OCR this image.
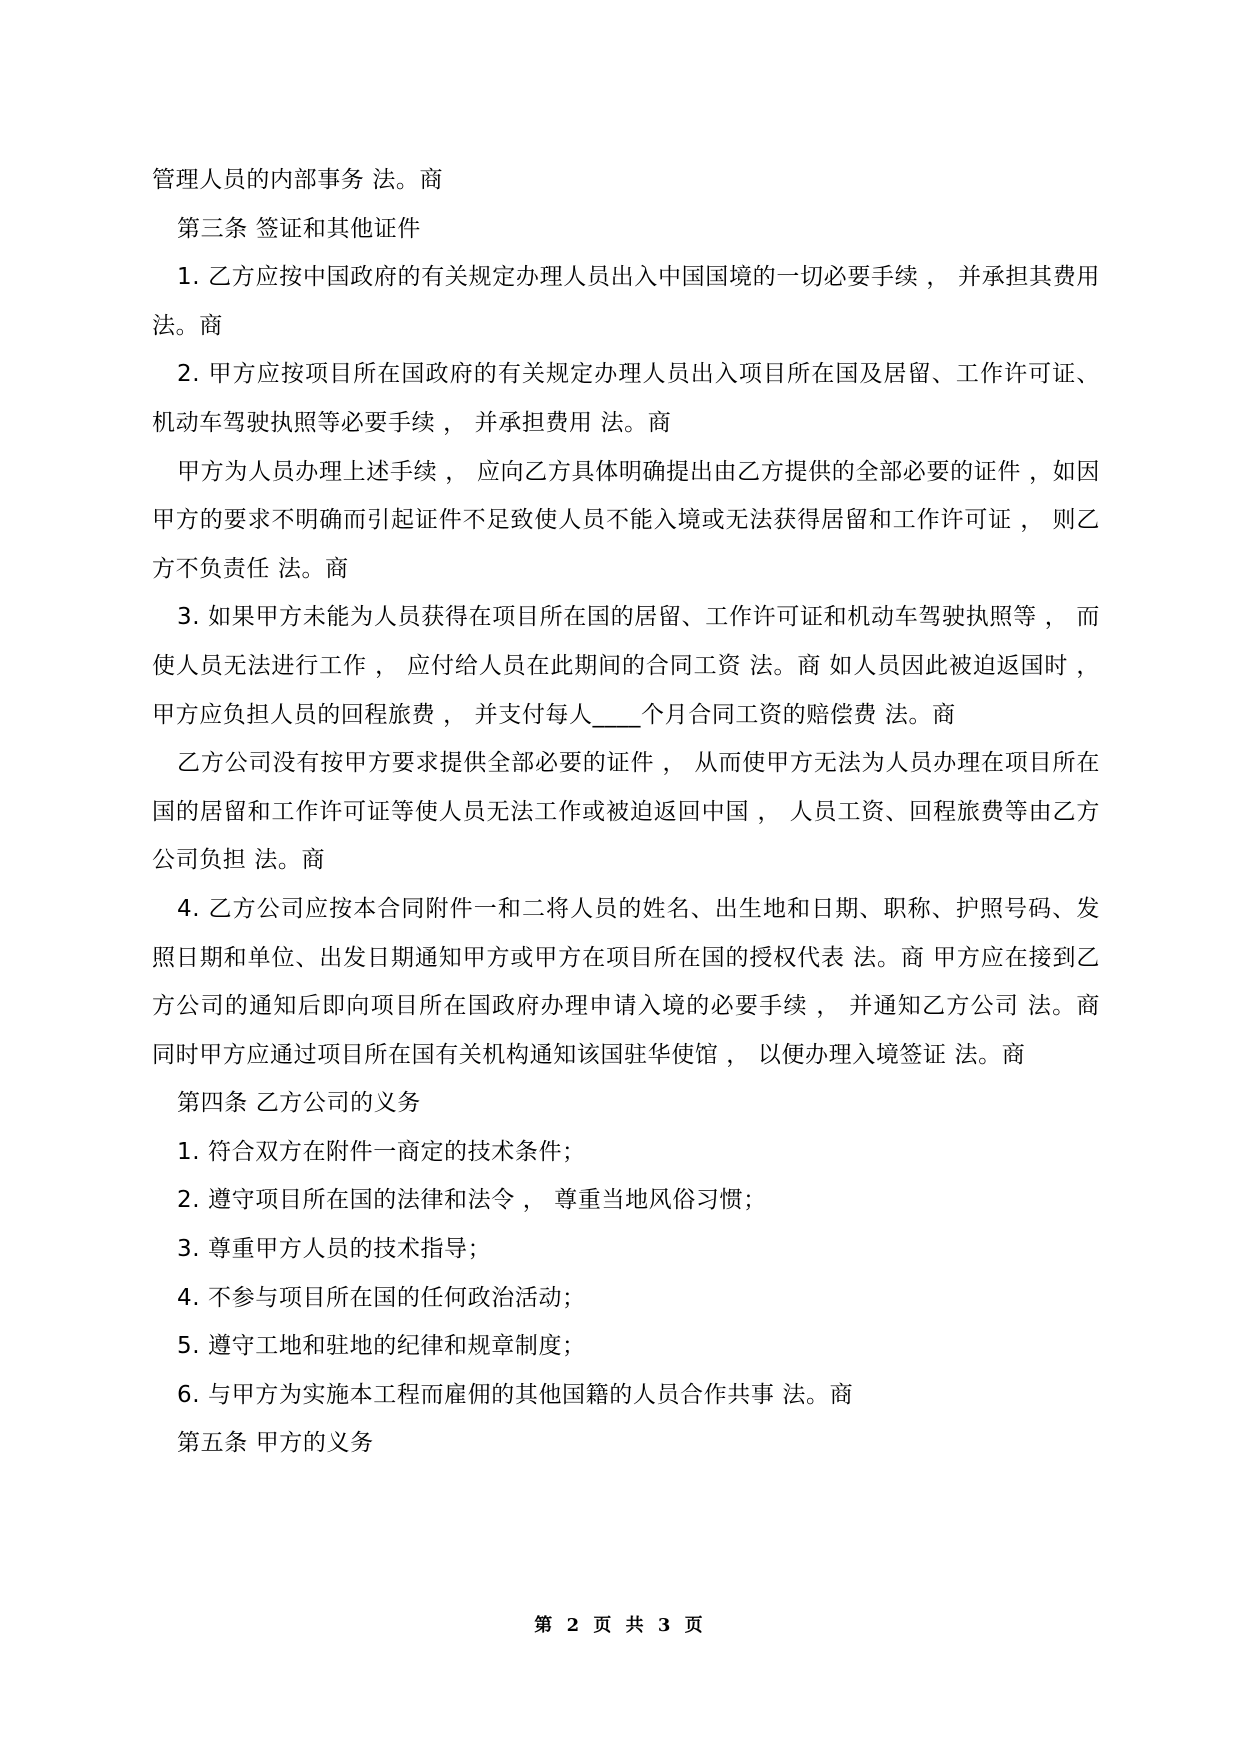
管理人员的内部事务 法。商

第三条 签证和其他证件

1. 乙方应按中国政府的有关规定办理人员出入中国国境的一切必要手续 ， 并承担其费用 法。商

2. 甲方应按项目所在国政府的有关规定办理人员出入项目所在国及居留、工作许可证、机动车驾驶执照等必要手续 ， 并承担费用 法。商

甲方为人员办理上述手续 ， 应向乙方具体明确提出由乙方提供的全部必要的证件 ，如因甲方的要求不明确而引起证件不足致使人员不能入境或无法获得居留和工作许可证 ， 则乙方不负责任 法。商

3. 如果甲方未能为人员获得在项目所在国的居留、工作许可证和机动车驾驶执照等 ， 而使人员无法进行工作 ， 应付给人员在此期间的合同工资 法。商 如人员因此被迫返国时 ， 甲方应负担人员的回程旅费 ， 并支付每人____个月合同工资的赔偿费 法。商

乙方公司没有按甲方要求提供全部必要的证件 ， 从而使甲方无法为人员办理在项目所在国的居留和工作许可证等使人员无法工作或被迫返回中国 ， 人员工资、回程旅费等由乙方公司负担 法。商

4. 乙方公司应按本合同附件一和二将人员的姓名、出生地和日期、职称、护照号码、发照日期和单位、出发日期通知甲方或甲方在项目所在国的授权代表 法。商 甲方应在接到乙方公司的通知后即向项目所在国政府办理申请入境的必要手续 ， 并通知乙方公司 法。商 同时甲方应通过项目所在国有关机构通知该国驻华使馆 ， 以便办理入境签证 法。商

第四条 乙方公司的义务

1. 符合双方在附件一商定的技术条件；

2. 遵守项目所在国的法律和法令 ， 尊重当地风俗习惯；

3. 尊重甲方人员的技术指导；

4. 不参与项目所在国的任何政治活动；

5. 遵守工地和驻地的纪律和规章制度；

6. 与甲方为实施本工程而雇佣的其他国籍的人员合作共事 法。商

第五条 甲方的义务

第 2 页 共 3 页
